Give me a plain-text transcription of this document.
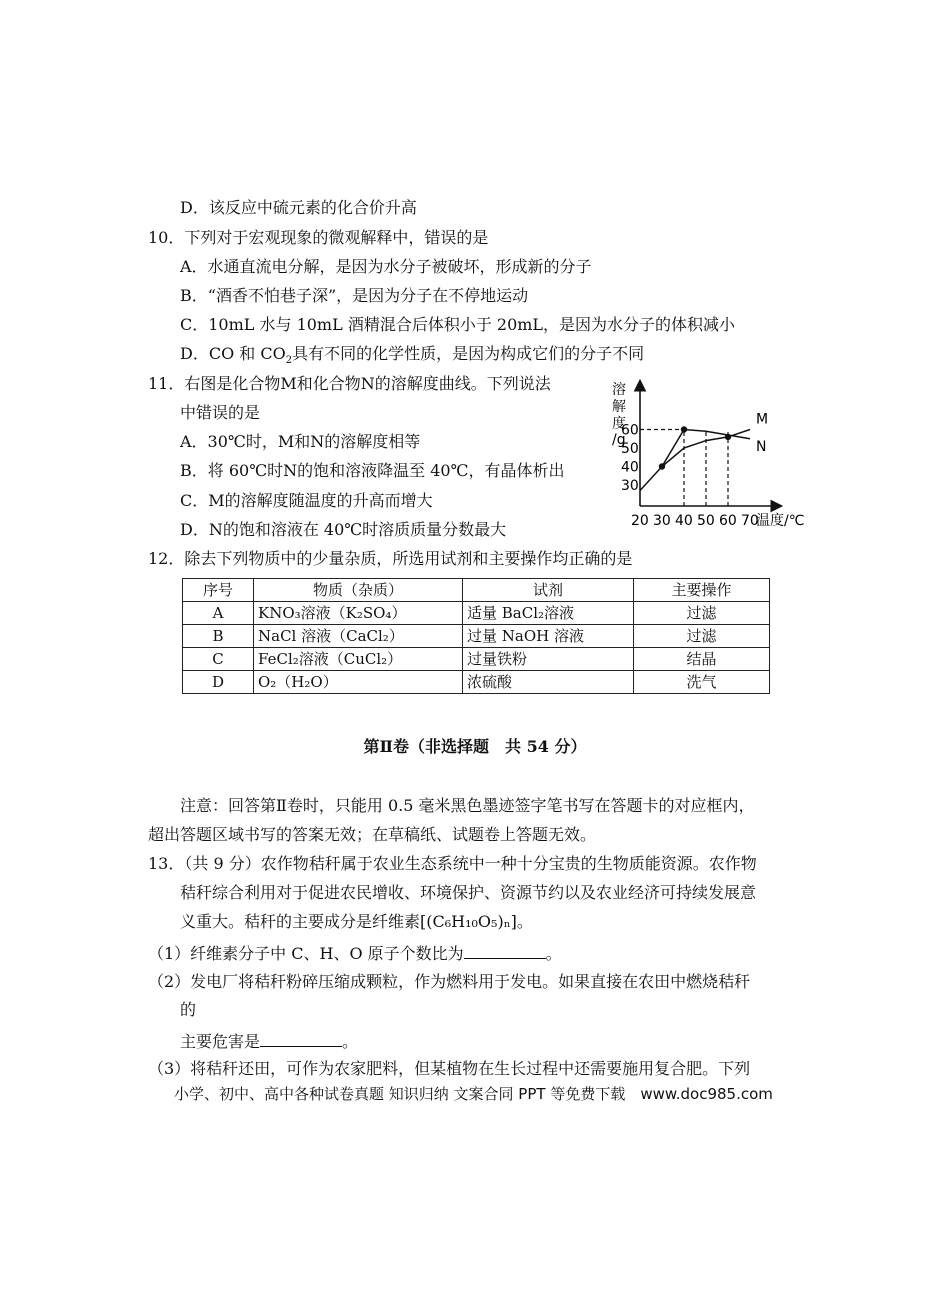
D．该反应中硫元素的化合价升高
10．下列对于宏观现象的微观解释中，错误的是
A．水通直流电分解，是因为水分子被破坏，形成新的分子
B．“酒香不怕巷子深”，是因为分子在不停地运动
C．10mL 水与 10mL 酒精混合后体积小于 20mL，是因为水分子的体积减小
D．CO 和 $CO_2$具有不同的化学性质，是因为构成它们的分子不同
11．右图是化合物M和化合物N的溶解度曲线。下列说法
中错误的是
A．30℃时，M和N的溶解度相等
B．将 60℃时N的饱和溶液降温至 40℃，有晶体析出
C．M的溶解度随温度的升高而增大
D．N的饱和溶液在 40℃时溶质质量分数最大
M
N
20 30 40 50 60 70
30
40
50
60
溶
解
度
/g
温度/℃
12．除去下列物质中的少量杂质，所选用试剂和主要操作均正确的是
序号	物质（杂质）	试剂	主要操作
A	KNO₃溶液（K₂SO₄）	适量 BaCl₂溶液	过滤
B	NaCl 溶液（CaCl₂）	过量 NaOH 溶液	过滤
C	FeCl₂溶液（CuCl₂）	过量铁粉	结晶
D	O₂（H₂O）	浓硫酸	洗气
第Ⅱ卷（非选择题　共 54 分）
注意：回答第Ⅱ卷时，只能用 0.5 毫米黑色墨迹签字笔书写在答题卡的对应框内，
超出答题区域书写的答案无效；在草稿纸、试题卷上答题无效。
13．（共 9 分）农作物秸秆属于农业生态系统中一种十分宝贵的生物质能资源。农作物
秸秆综合利用对于促进农民增收、环境保护、资源节约以及农业经济可持续发展意
义重大。秸秆的主要成分是纤维素[(C₆H₁₀O₅)ₙ]。
（1）纤维素分子中 C、H、O 原子个数比为	。
（2）发电厂将秸秆粉碎压缩成颗粒，作为燃料用于发电。如果直接在农田中燃烧秸秆
的
主要危害是	。
（3）将秸秆还田，可作为农家肥料，但某植物在生长过程中还需要施用复合肥。下列
小学、初中、高中各种试卷真题 知识归纳 文案合同 PPT 等免费下载　www.doc985.com
